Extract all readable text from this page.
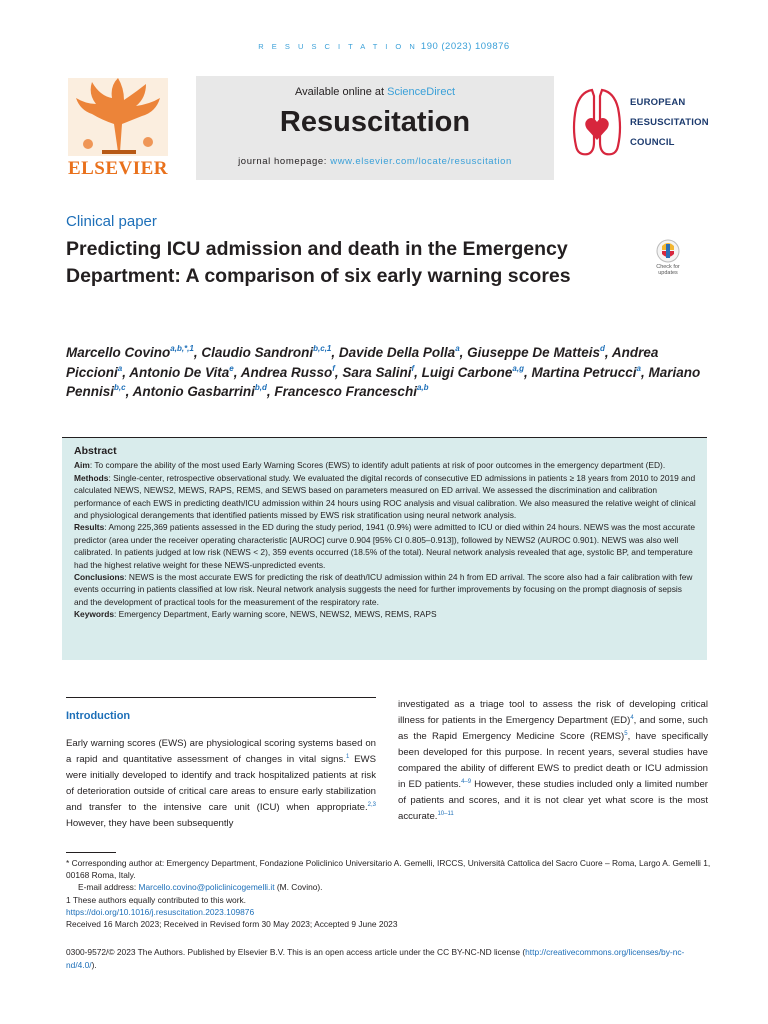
R E S U S C I T A T I O N 190 (2023) 109876
ELSEVIER
Available online at ScienceDirect
Resuscitation
journal homepage: www.elsevier.com/locate/resuscitation
EUROPEAN
RESUSCITATION
COUNCIL
Clinical paper
Predicting ICU admission and death in the Emergency Department: A comparison of six early warning scores	Check for updates
Marcello Covino$^{a,b,*,1}$, Claudio Sandroni$^{b,c,1}$, Davide Della Polla$^a$, Giuseppe De Matteis$^d$, Andrea Piccioni$^a$, Antonio De Vita$^e$, Andrea Russo$^f$, Sara Salini$^f$, Luigi Carbone$^{a,g}$, Martina Petrucci$^a$, Mariano Pennisi$^{b,c}$, Antonio Gasbarrini$^{b,d}$, Francesco Franceschi$^{a,b}$
Abstract
Aim: To compare the ability of the most used Early Warning Scores (EWS) to identify adult patients at risk of poor outcomes in the emergency department (ED).
Methods: Single-center, retrospective observational study. We evaluated the digital records of consecutive ED admissions in patients ≥ 18 years from 2010 to 2019 and calculated NEWS, NEWS2, MEWS, RAPS, REMS, and SEWS based on parameters measured on ED arrival. We assessed the discrimination and calibration performance of each EWS in predicting death/ICU admission within 24 hours using ROC analysis and visual calibration. We also measured the relative weight of clinical and physiological derangements that identified patients missed by EWS risk stratification using neural network analysis.
Results: Among 225,369 patients assessed in the ED during the study period, 1941 (0.9%) were admitted to ICU or died within 24 hours. NEWS was the most accurate predictor (area under the receiver operating characteristic [AUROC] curve 0.904 [95% CI 0.805–0.913]), followed by NEWS2 (AUROC 0.901). NEWS was also well calibrated. In patients judged at low risk (NEWS < 2), 359 events occurred (18.5% of the total). Neural network analysis revealed that age, systolic BP, and temperature had the highest relative weight for these NEWS-unpredicted events.
Conclusions: NEWS is the most accurate EWS for predicting the risk of death/ICU admission within 24 h from ED arrival. The score also had a fair calibration with few events occurring in patients classified at low risk. Neural network analysis suggests the need for further improvements by focusing on the prompt diagnosis of sepsis and the development of practical tools for the measurement of the respiratory rate.
Keywords: Emergency Department, Early warning score, NEWS, NEWS2, MEWS, REMS, RAPS
Introduction

Early warning scores (EWS) are physiological scoring systems based on a rapid and quantitative assessment of changes in vital signs.$^1$ EWS were initially developed to identify and track hospitalized patients at risk of deterioration outside of critical care areas to ensure early stabilization and transfer to the intensive care unit (ICU) when appropriate.$^{2,3}$ However, they have been subsequently

investigated as a triage tool to assess the risk of developing critical illness for patients in the Emergency Department (ED)$^4$, and some, such as the Rapid Emergency Medicine Score (REMS)$^5$, have specifically been developed for this purpose. In recent years, several studies have compared the ability of different EWS to predict death or ICU admission in ED patients.$^{4-9}$ However, these studies included only a limited number of patients and scores, and it is not clear yet what score is the most accurate.$^{10-11}$

* Corresponding author at: Emergency Department, Fondazione Policlinico Universitario A. Gemelli, IRCCS, Università Cattolica del Sacro Cuore – Roma, Largo A. Gemelli 1, 00168 Roma, Italy.
E-mail address: Marcello.covino@policlinicogemelli.it (M. Covino).
1 These authors equally contributed to this work.
https://doi.org/10.1016/j.resuscitation.2023.109876
Received 16 March 2023; Received in Revised form 30 May 2023; Accepted 9 June 2023
0300-9572/© 2023 The Authors. Published by Elsevier B.V. This is an open access article under the CC BY-NC-ND license (http://creativecommons.org/licenses/by-nc-nd/4.0/).
